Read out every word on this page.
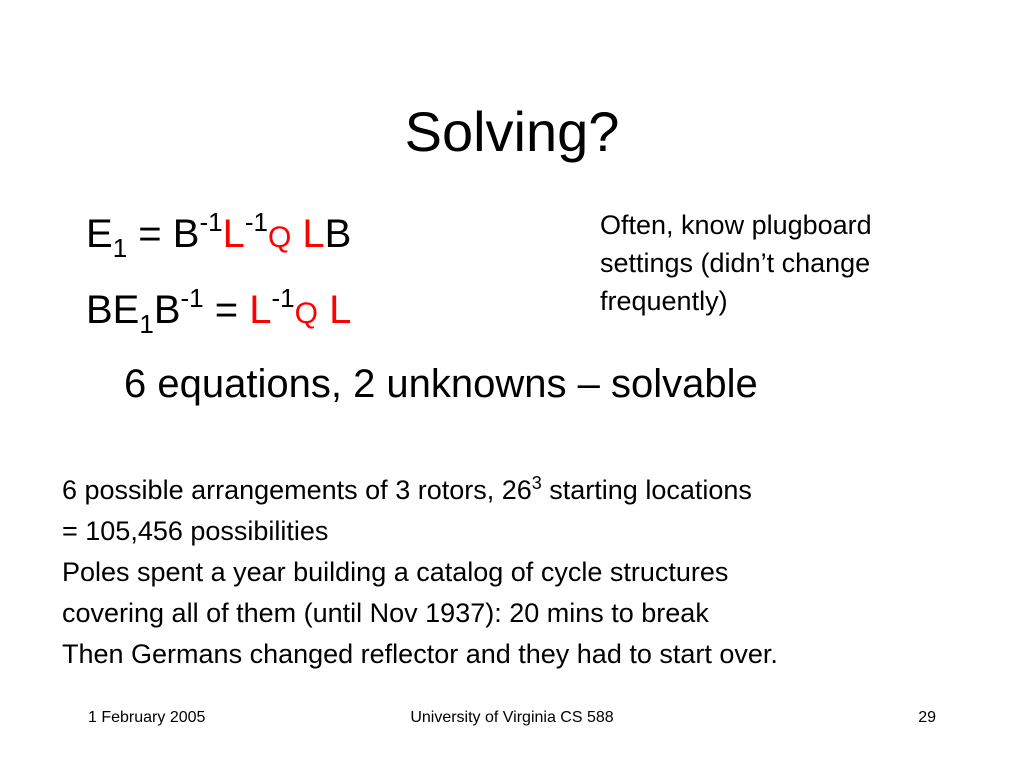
Solving?
$E_1 = B^{-1}L^{-1}Q$ LB
$BE_1B^{-1} = L^{-1}Q$ L
Often, know plugboard
settings (didn’t change
frequently)
6 equations, 2 unknowns – solvable
6 possible arrangements of 3 rotors, $26^3$ starting locations
= 105,456 possibilities
Poles spent a year building a catalog of cycle structures
covering all of them (until Nov 1937): 20 mins to break
Then Germans changed reflector and they had to start over.
University of Virginia CS 588
1 February 2005	29
